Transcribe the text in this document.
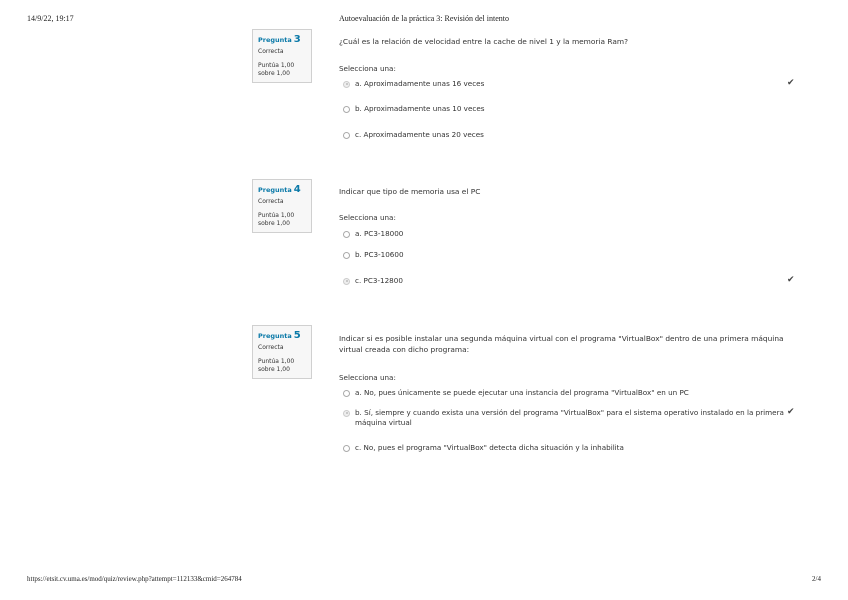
14/9/22, 19:17	Autoevaluación de la práctica 3: Revisión del intento
Pregunta 3
Correcta
Puntúa 1,00
sobre 1,00
¿Cuál es la relación de velocidad entre la cache de nivel 1 y la memoria Ram?
Selecciona una:
a. Aproximadamente unas 16 veces	✔
b. Aproximadamente unas 10 veces
c. Aproximadamente unas 20 veces
Pregunta 4
Correcta
Puntúa 1,00
sobre 1,00
Indicar que tipo de memoria usa el PC
Selecciona una:
a. PC3-18000
b. PC3-10600
c. PC3-12800	✔
Pregunta 5
Correcta
Puntúa 1,00
sobre 1,00
Indicar si es posible instalar una segunda máquina virtual con el programa "VirtualBox" dentro de una primera máquina virtual creada con dicho programa:
Selecciona una:
a. No, pues únicamente se puede ejecutar una instancia del programa "VirtualBox" en un PC
b. Sí, siempre y cuando exista una versión del programa "VirtualBox" para el sistema operativo instalado en la primera máquina virtual
✔
c. No, pues el programa "VirtualBox" detecta dicha situación y la inhabilita
https://etsit.cv.uma.es/mod/quiz/review.php?attempt=112133&cmid=264784	2/4
